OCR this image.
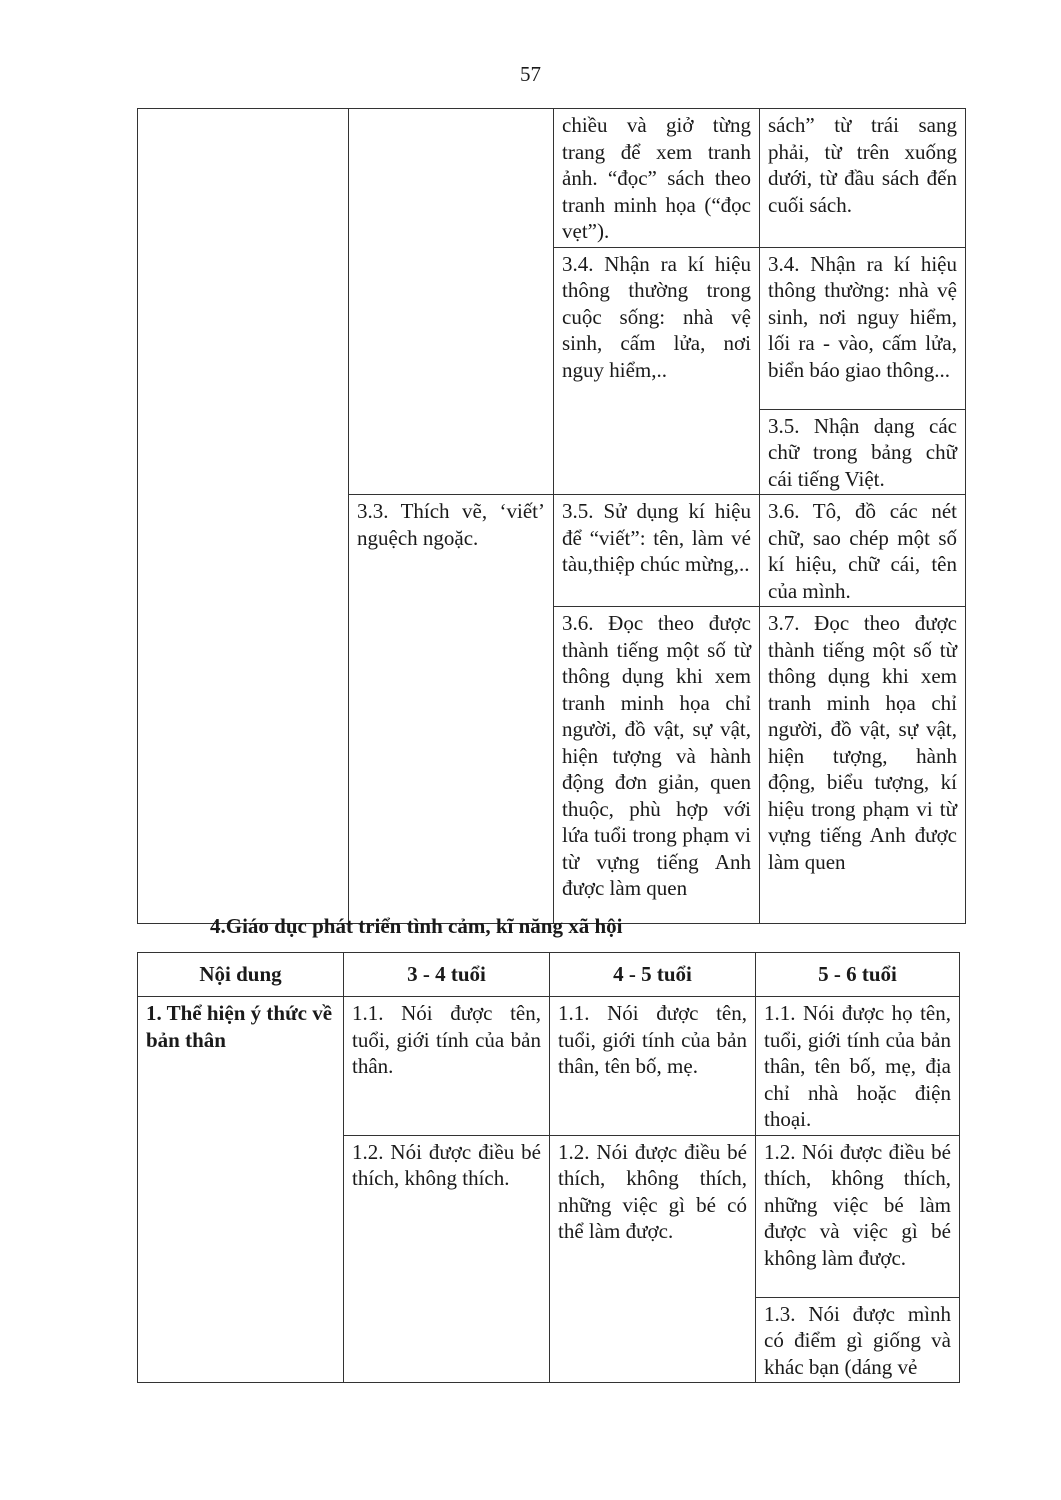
57
		chiều và giở từng trang để xem tranh ảnh. “đọc” sách theo tranh minh họa (“đọc vẹt”).	sách” từ trái sang phải, từ trên xuống dưới, từ đầu sách đến cuối sách.
		3.4. Nhận ra kí hiệu thông thường trong cuộc sống: nhà vệ sinh, cấm lửa, nơi nguy hiểm,..	3.4. Nhận ra kí hiệu thông thường: nhà vệ sinh, nơi nguy hiểm, lối ra - vào, cấm lửa, biển báo giao thông...
			3.5. Nhận dạng các chữ trong bảng chữ cái tiếng Việt.
	3.3. Thích vẽ, ‘viết’ nguệch ngoặc.	3.5. Sử dụng kí hiệu để “viết”: tên, làm vé tàu,thiệp chúc mừng,..	3.6. Tô, đồ các nét chữ, sao chép một số kí hiệu, chữ cái, tên của mình.
		3.6. Đọc theo được thành tiếng một số từ thông dụng khi xem tranh minh họa chỉ người, đồ vật, sự vật, hiện tượng và hành động đơn giản, quen thuộc, phù hợp với lứa tuổi trong phạm vi từ vựng tiếng Anh được làm quen	3.7. Đọc theo được thành tiếng một số từ thông dụng khi xem tranh minh họa chỉ người, đồ vật, sự vật, hiện tượng, hành động, biểu tượng, kí hiệu trong phạm vi từ vựng tiếng Anh được làm quen
4.Giáo dục phát triển tình cảm, kĩ năng xã hội
Nội dung	3 - 4 tuổi	4 - 5 tuổi	5 - 6 tuổi
1. Thể hiện ý thức về bản thân	1.1. Nói được tên, tuổi, giới tính của bản thân.	1.1. Nói được tên, tuổi, giới tính của bản thân, tên bố, mẹ.	1.1. Nói được họ tên, tuổi, giới tính của bản thân, tên bố, mẹ, địa chỉ nhà hoặc điện thoại.
	1.2. Nói được điều bé thích, không thích.	1.2. Nói được điều bé thích, không thích, những việc gì bé có thể làm được.	1.2. Nói được điều bé thích, không thích, những việc bé làm được và việc gì bé không làm được.
			1.3. Nói được mình có điểm gì giống và khác bạn (dáng vẻ
